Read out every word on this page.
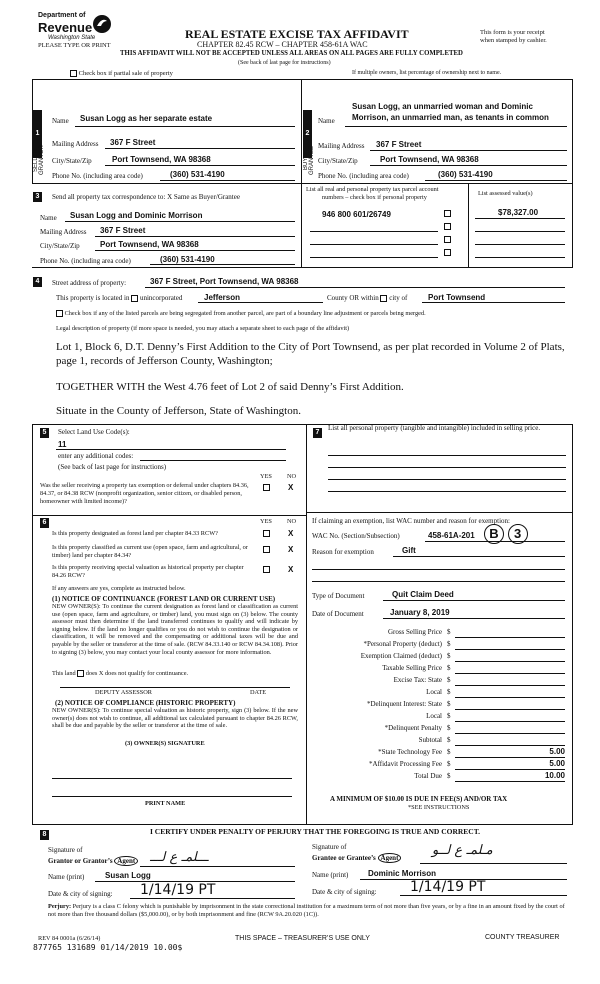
Department of
Revenue
Washington State	REAL ESTATE EXCISE TAX AFFIDAVIT
CHAPTER 82.45 RCW – CHAPTER 458-61A WAC
This form is your receipt
when stamped by cashier.
PLEASE TYPE OR PRINT
THIS AFFIDAVIT WILL NOT BE ACCEPTED UNLESS ALL AREAS ON ALL PAGES ARE FULLY COMPLETED
(See back of last page for instructions)
Check box if partial sale of property	If multiple owners, list percentage of ownership next to name.
1
SELLER GRANTOR
Name Susan Logg as her separate estate
Mailing Address 367 F Street
City/State/Zip	Port Townsend, WA 98368
Phone No. (including area code)	(360) 531-4190
2
BUYER GRANTEE
Susan Logg, an unmarried woman and Dominic
Name Morrison, an unmarried man, as tenants in common
Mailing Address 367 F Street
City/State/Zip	Port Townsend, WA 98368
Phone No. (including area code)	(360) 531-4190
3	Send all property tax correspondence to: X Same as Buyer/Grantee
Name Susan Logg and Dominic Morrison
Mailing Address 367 F Street
City/State/Zip	Port Townsend, WA 98368
Phone No. (including area code)	(360) 531-4190
List all real and personal property tax parcel account
numbers – check box if personal property
List assessed value(s)
946 800 601/26749	$78,327.00
4	Street address of property:	367 F Street, Port Townsend, WA 98368
This property is located in unincorporated	Jefferson	County OR within city of	Port Townsend
Check box if any of the listed parcels are being segregated from another parcel, are part of a boundary line adjustment or parcels being merged.
Legal description of property (if more space is needed, you may attach a separate sheet to each page of the affidavit)
Lot 1, Block 6, D.T. Denny’s First Addition to the City of Port Townsend, as per plat recorded in Volume 2 of Plats, page 1, records of Jefferson County, Washington;
TOGETHER WITH the West 4.76 feet of Lot 2 of said Denny’s First Addition.
Situate in the County of Jefferson, State of Washington.
5	Select Land Use Code(s):
11
enter any additional codes:
(See back of last page for instructions)
YES NO
Was the seller receiving a property tax exemption or deferral under chapters 84.36, 84.37, or 84.38 RCW (nonprofit organization, senior citizen, or disabled person, homeowner with limited income)?
X
7
List all personal property (tangible and intangible) included in selling price.
6	YES NO
Is this property designated as forest land per chapter 84.33 RCW?	X
Is this property classified as current use (open space, farm and agricultural, or timber) land per chapter 84.34?
X
Is this property receiving special valuation as historical property per chapter 84.26 RCW?
X
If any answers are yes, complete as instructed below.
(1) NOTICE OF CONTINUANCE (FOREST LAND OR CURRENT USE)
NEW OWNER(S): To continue the current designation as forest land or classification as current use (open space, farm and agriculture, or timber) land, you must sign on (3) below. The county assessor must then determine if the land transferred continues to qualify and will indicate by signing below. If the land no longer qualifies or you do not wish to continue the designation or classification, it will be removed and the compensating or additional taxes will be due and payable by the seller or transferor at the time of sale. (RCW 84.33.140 or RCW 84.34.108). Prior to signing (3) below, you may contact your local county assessor for more information.
This land does X does not qualify for continuance.
DEPUTY ASSESSOR	DATE
(2) NOTICE OF COMPLIANCE (HISTORIC PROPERTY)
NEW OWNER(S): To continue special valuation as historic property, sign (3) below. If the new owner(s) does not wish to continue, all additional tax calculated pursuant to chapter 84.26 RCW, shall be due and payable by the seller or transferor at the time of sale.
(3) OWNER(S) SIGNATURE
PRINT NAME
If claiming an exemption, list WAC number and reason for exemption:
WAC No. (Section/Subsection)	458-61A-201	B 3
Reason for exemption	Gift
Type of Document	Quit Claim Deed
Date of Document	January 8, 2019
Gross Selling Price $
*Personal Property (deduct) $
Exemption Claimed (deduct) $
Taxable Selling Price $
Excise Tax: State $
Local $
*Delinquent Interest: State $
Local $
*Delinquent Penalty $
Subtotal $
*State Technology Fee $	5.00
*Affidavit Processing Fee $	5.00
Total Due $	10.00
A MINIMUM OF $10.00 IS DUE IN FEE(S) AND/OR TAX
*SEE INSTRUCTIONS
8	I CERTIFY UNDER PENALTY OF PERJURY THAT THE FOREGOING IS TRUE AND CORRECT.
Signature of
Grantor or Grantor’s Agent ـــلمـ ﻉ ﻟـــ
Name (print)	Susan Logg
Date & city of signing: 1/14/19 PT
Signature of
Grantee or Grantee’s Agent	ﻣـلمـ ﻉ ﻟــﻮ
Name (print) Dominic Morrison
Date & city of signing: 1/14/19 PT
Perjury: Perjury is a class C felony which is punishable by imprisonment in the state correctional institution for a maximum term of not more than five years, or by a fine in an amount fixed by the court of not more than five thousand dollars ($5,000.00), or by both imprisonment and fine (RCW 9A.20.020 (1C)).
REV 84 0001a (6/26/14)
877765 131689 01/14/2019 10.00$
THIS SPACE – TREASURER’S USE ONLY	COUNTY TREASURER
